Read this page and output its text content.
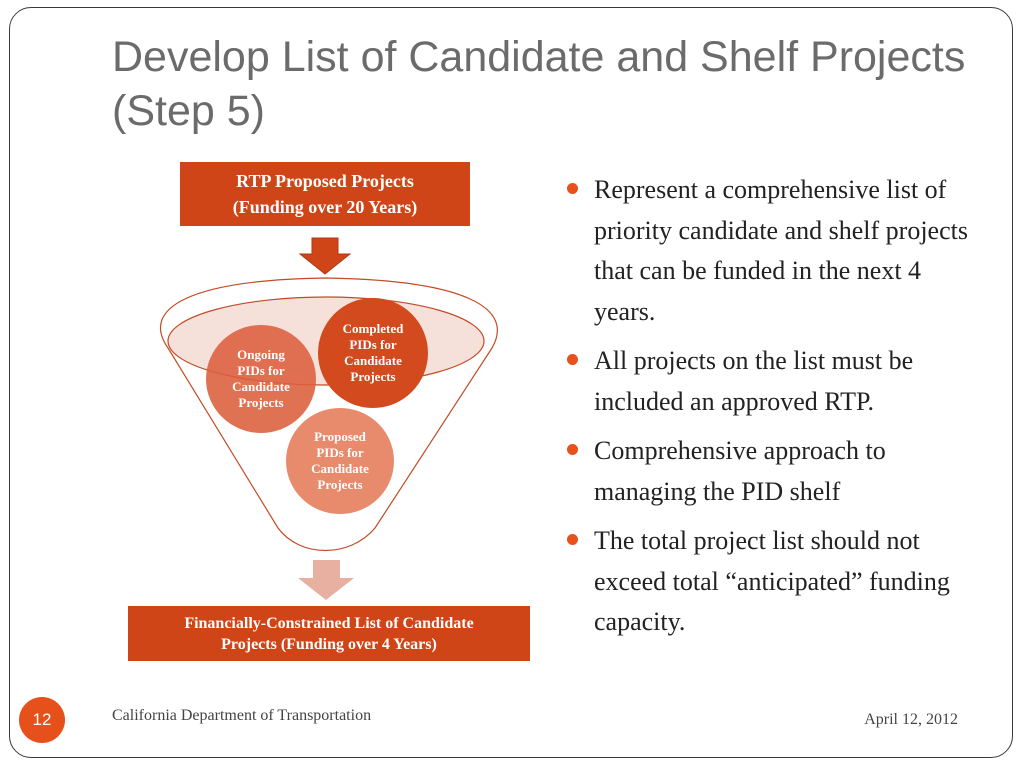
Develop List of Candidate and Shelf Projects (Step 5)
RTP Proposed Projects
(Funding over 20 Years)
Ongoing
PIDs for
Candidate
Projects
Completed
PIDs for
Candidate
Projects
Proposed
PIDs for
Candidate
Projects
Financially-Constrained List of Candidate
Projects (Funding over 4 Years)
Represent a comprehensive list of priority candidate and shelf projects that can be funded in the next 4 years.
All projects on the list must be included an approved RTP.
Comprehensive approach to managing the PID shelf
The total project list should not exceed total “anticipated” funding capacity.
12	California Department of Transportation	April 12, 2012
